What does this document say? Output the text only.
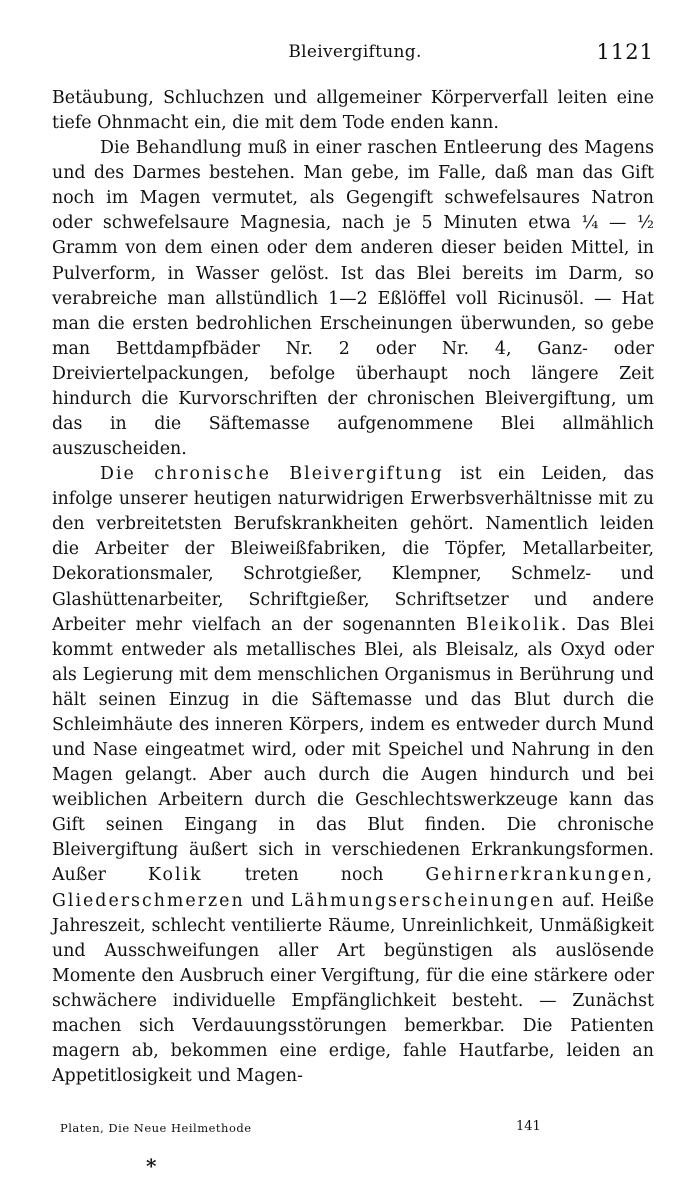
Bleivergiftung.	1121

Betäubung, Schluchzen und allgemeiner Körperverfall leiten eine tiefe Ohnmacht ein, die mit dem Tode enden kann.

Die Behandlung muß in einer raschen Entleerung des Magens und des Darmes bestehen. Man gebe, im Falle, daß man das Gift noch im Magen vermutet, als Gegengift schwefelsaures Natron oder schwefelsaure Magnesia, nach je 5 Minuten etwa ¼ — ½ Gramm von dem einen oder dem anderen dieser beiden Mittel, in Pulverform, in Wasser gelöst. Ist das Blei bereits im Darm, so verabreiche man allstündlich 1—2 Eßlöffel voll Ricinusöl. — Hat man die ersten bedrohlichen Erscheinungen überwunden, so gebe man Bettdampfbäder Nr. 2 oder Nr. 4, Ganz- oder Dreiviertelpackungen, befolge überhaupt noch längere Zeit hindurch die Kurvorschriften der chronischen Bleivergiftung, um das in die Säftemasse aufgenommene Blei allmählich auszuscheiden.

Die chronische Bleivergiftung ist ein Leiden, das infolge unserer heutigen naturwidrigen Erwerbsverhältnisse mit zu den verbreitetsten Berufskrankheiten gehört. Namentlich leiden die Arbeiter der Bleiweißfabriken, die Töpfer, Metallarbeiter, Dekorationsmaler, Schrotgießer, Klempner, Schmelz- und Glashüttenarbeiter, Schriftgießer, Schriftsetzer und andere Arbeiter mehr vielfach an der sogenannten Bleikolik. Das Blei kommt entweder als metallisches Blei, als Bleisalz, als Oxyd oder als Legierung mit dem menschlichen Organismus in Berührung und hält seinen Einzug in die Säftemasse und das Blut durch die Schleimhäute des inneren Körpers, indem es entweder durch Mund und Nase eingeatmet wird, oder mit Speichel und Nahrung in den Magen gelangt. Aber auch durch die Augen hindurch und bei weiblichen Arbeitern durch die Geschlechtswerkzeuge kann das Gift seinen Eingang in das Blut finden. Die chronische Bleivergiftung äußert sich in verschiedenen Erkrankungsformen. Außer Kolik treten noch Gehirnerkrankungen, Gliederschmerzen und Lähmungserscheinungen auf. Heiße Jahreszeit, schlecht ventilierte Räume, Unreinlichkeit, Unmäßigkeit und Ausschweifungen aller Art begünstigen als auslösende Momente den Ausbruch einer Vergiftung, für die eine stärkere oder schwächere individuelle Empfänglichkeit besteht. — Zunächst machen sich Verdauungsstörungen bemerkbar. Die Patienten magern ab, bekommen eine erdige, fahle Hautfarbe, leiden an Appetitlosigkeit und Magen-

Platen, Die Neue Heilmethode	141
*
